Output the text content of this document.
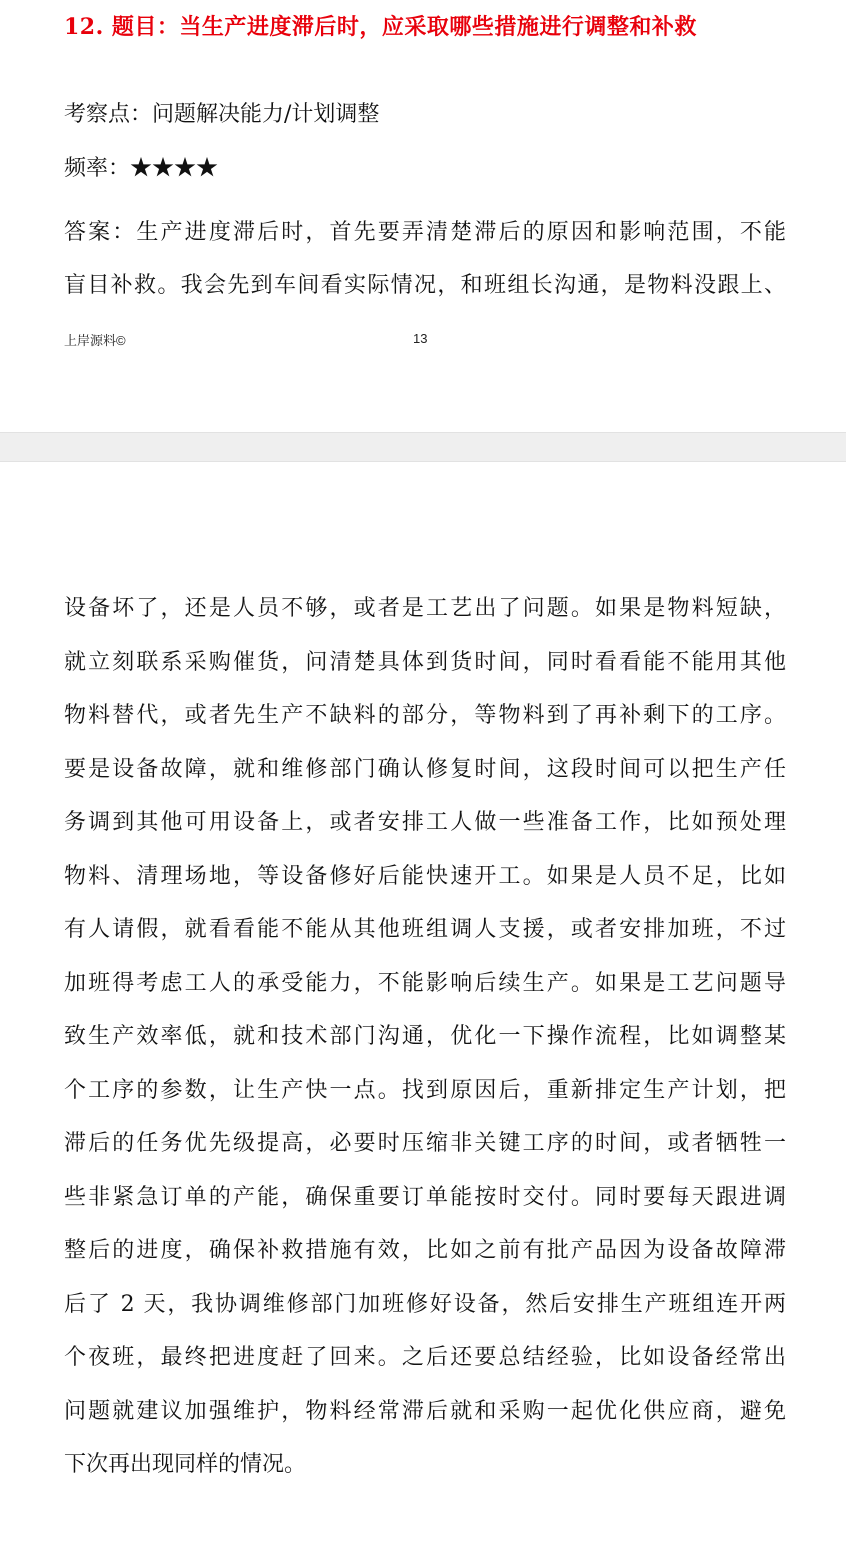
12. 题目：当生产进度滞后时，应采取哪些措施进行调整和补救
考察点：问题解决能力/计划调整
频率：★★★★
答案：生产进度滞后时，首先要弄清楚滞后的原因和影响范围，不能
盲目补救。我会先到车间看实际情况，和班组长沟通，是物料没跟上、
上岸源料©	13
设备坏了，还是人员不够，或者是工艺出了问题。如果是物料短缺，
就立刻联系采购催货，问清楚具体到货时间，同时看看能不能用其他
物料替代，或者先生产不缺料的部分，等物料到了再补剩下的工序。
要是设备故障，就和维修部门确认修复时间，这段时间可以把生产任
务调到其他可用设备上，或者安排工人做一些准备工作，比如预处理
物料、清理场地，等设备修好后能快速开工。如果是人员不足，比如
有人请假，就看看能不能从其他班组调人支援，或者安排加班，不过
加班得考虑工人的承受能力，不能影响后续生产。如果是工艺问题导
致生产效率低，就和技术部门沟通，优化一下操作流程，比如调整某
个工序的参数，让生产快一点。找到原因后，重新排定生产计划，把
滞后的任务优先级提高，必要时压缩非关键工序的时间，或者牺牲一
些非紧急订单的产能，确保重要订单能按时交付。同时要每天跟进调
整后的进度，确保补救措施有效，比如之前有批产品因为设备故障滞
后了 2 天，我协调维修部门加班修好设备，然后安排生产班组连开两
个夜班，最终把进度赶了回来。之后还要总结经验，比如设备经常出
问题就建议加强维护，物料经常滞后就和采购一起优化供应商，避免
下次再出现同样的情况。
